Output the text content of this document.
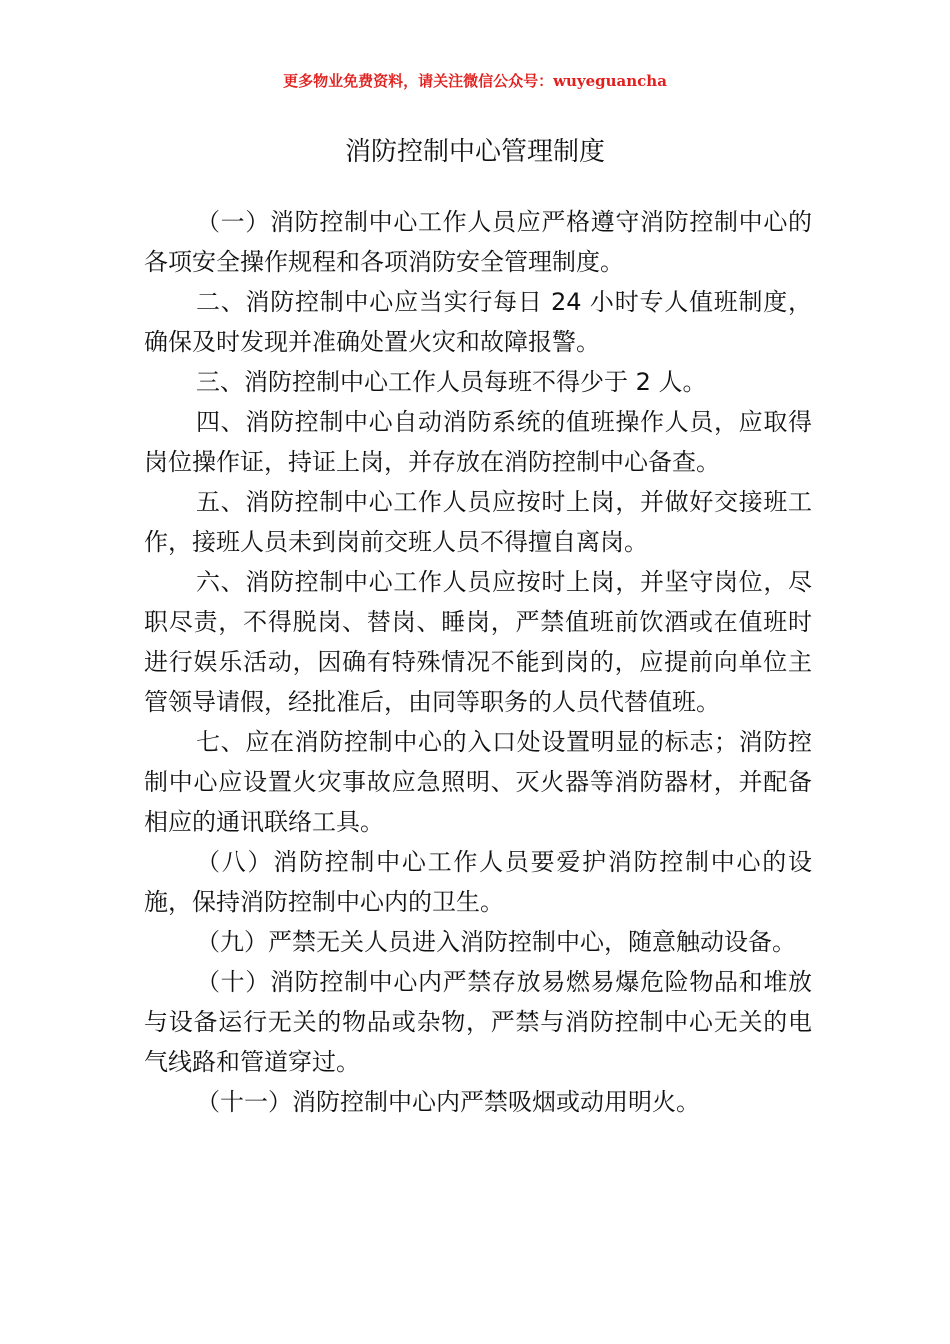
更多物业免费资料，请关注微信公众号：wuyeguancha
消防控制中心管理制度

（一）消防控制中心工作人员应严格遵守消防控制中心的各项安全操作规程和各项消防安全管理制度。

二、消防控制中心应当实行每日 24 小时专人值班制度，确保及时发现并准确处置火灾和故障报警。

三、消防控制中心工作人员每班不得少于 2 人。

四、消防控制中心自动消防系统的值班操作人员，应取得岗位操作证，持证上岗，并存放在消防控制中心备查。

五、消防控制中心工作人员应按时上岗，并做好交接班工作，接班人员未到岗前交班人员不得擅自离岗。

六、消防控制中心工作人员应按时上岗，并坚守岗位，尽职尽责，不得脱岗、替岗、睡岗，严禁值班前饮酒或在值班时进行娱乐活动，因确有特殊情况不能到岗的，应提前向单位主管领导请假，经批准后，由同等职务的人员代替值班。

七、应在消防控制中心的入口处设置明显的标志；消防控制中心应设置火灾事故应急照明、灭火器等消防器材，并配备相应的通讯联络工具。

（八）消防控制中心工作人员要爱护消防控制中心的设施，保持消防控制中心内的卫生。

（九）严禁无关人员进入消防控制中心，随意触动设备。

（十）消防控制中心内严禁存放易燃易爆危险物品和堆放与设备运行无关的物品或杂物，严禁与消防控制中心无关的电气线路和管道穿过。

（十一）消防控制中心内严禁吸烟或动用明火。
